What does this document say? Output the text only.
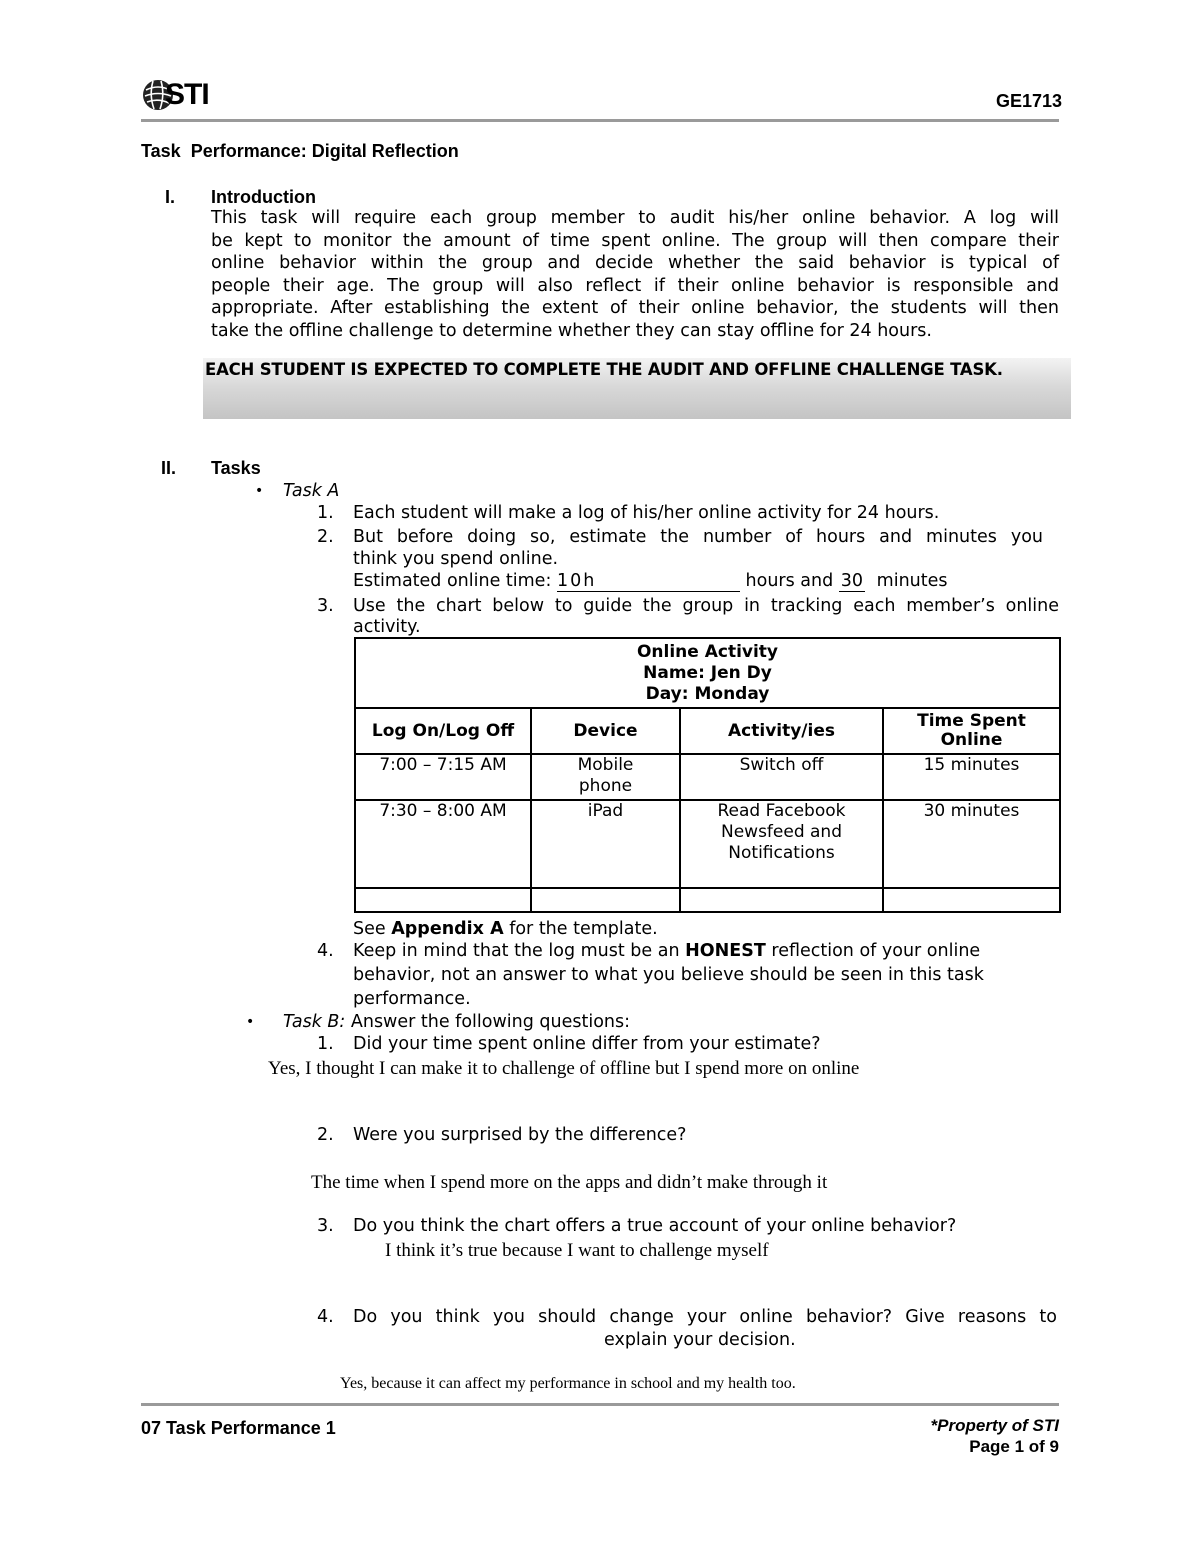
STI	GE1713
Task  Performance: Digital Reflection
I. Introduction
This task will require each group member to audit his/her online behavior. A log will
be kept to monitor the amount of time spent online. The group will then compare their
online behavior within the group and decide whether the said behavior is typical of
people their age. The group will also reflect if their online behavior is responsible and
appropriate. After establishing the extent of their online behavior, the students will then
take the offline challenge to determine whether they can stay offline for 24 hours.
EACH STUDENT IS EXPECTED TO COMPLETE THE AUDIT AND OFFLINE CHALLENGE TASK.
II. Tasks
• Task A
1. Each student will make a log of his/her online activity for 24 hours.
2. But before doing so, estimate the number of hours and minutes you
think you spend online.
Estimated online time: 10h	hours and 30 minutes
3. Use the chart below to guide the group in tracking each member’s online
activity.
Online Activity
Name: Jen Dy
Day: Monday			

Log On/Log Off	Device	Activity/ies	Time Spent Online
7:00 – 7:15 AM	Mobile phone	Switch off	15 minutes
7:30 – 8:00 AM	iPad	Read Facebook Newsfeed and Notifications	30 minutes

See Appendix A for the template.
4. Keep in mind that the log must be an HONEST reflection of your online
behavior, not an answer to what you believe should be seen in this task
performance.
• Task B: Answer the following questions:
1. Did your time spent online differ from your estimate?
Yes, I thought I can make it to challenge of offline but I spend more on online
2. Were you surprised by the difference?
The time when I spend more on the apps and didn’t make through it
3. Do you think the chart offers a true account of your online behavior?
I think it’s true because I want to challenge myself
4. Do you think you should change your online behavior? Give reasons to
explain your decision.
Yes, because it can affect my performance in school and my health too.
07 Task Performance 1	*Property of STI
Page 1 of 9
